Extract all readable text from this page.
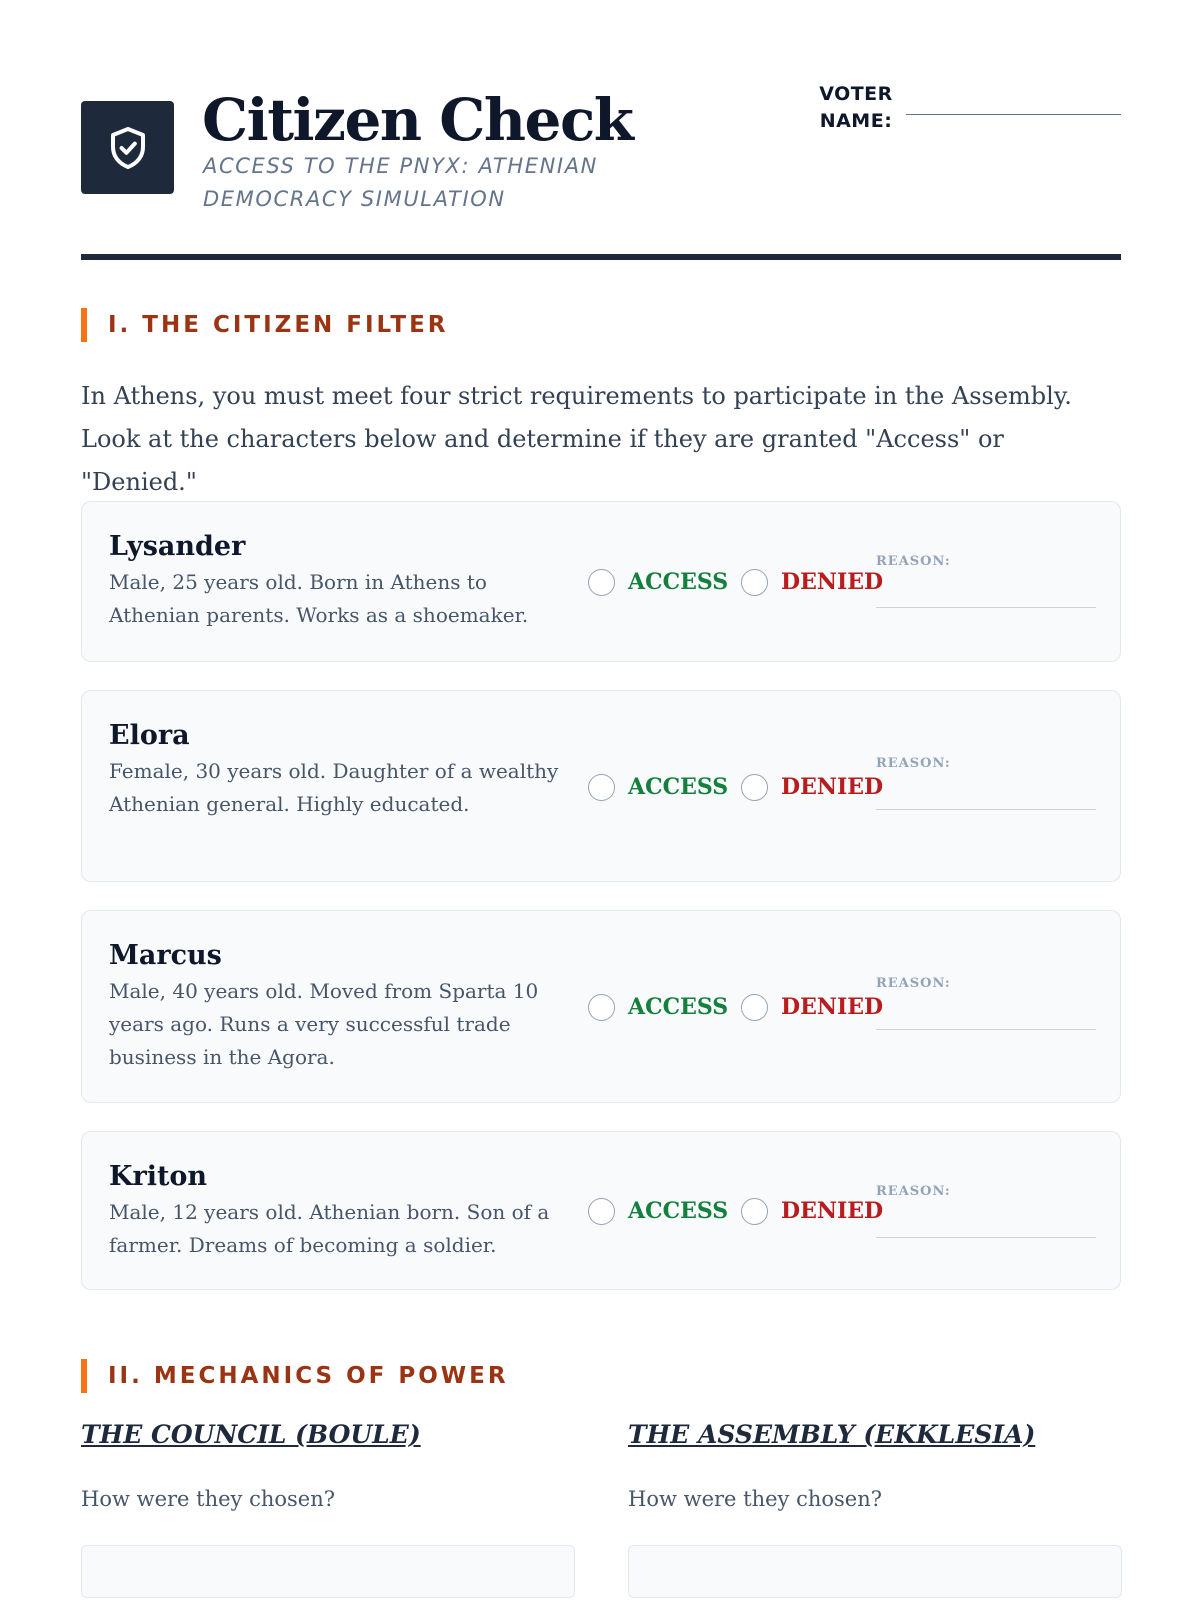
Citizen Check
ACCESS TO THE PNYX: ATHENIAN DEMOCRACY SIMULATION
VOTER NAME:
I. THE CITIZEN FILTER
In Athens, you must meet four strict requirements to participate in the Assembly. Look at the characters below and determine if they are granted "Access" or "Denied."
Lysander
Male, 25 years old. Born in Athens to Athenian parents. Works as a shoemaker.
ACCESS DENIED
REASON:
Elora
Female, 30 years old. Daughter of a wealthy Athenian general. Highly educated.
ACCESS DENIED
REASON:
Marcus
Male, 40 years old. Moved from Sparta 10 years ago. Runs a very successful trade business in the Agora.
ACCESS DENIED
REASON:
Kriton
Male, 12 years old. Athenian born. Son of a farmer. Dreams of becoming a soldier.
ACCESS DENIED
REASON:
II. MECHANICS OF POWER
THE COUNCIL (BOULE)
How were they chosen?
THE ASSEMBLY (EKKLESIA)
How were they chosen?
